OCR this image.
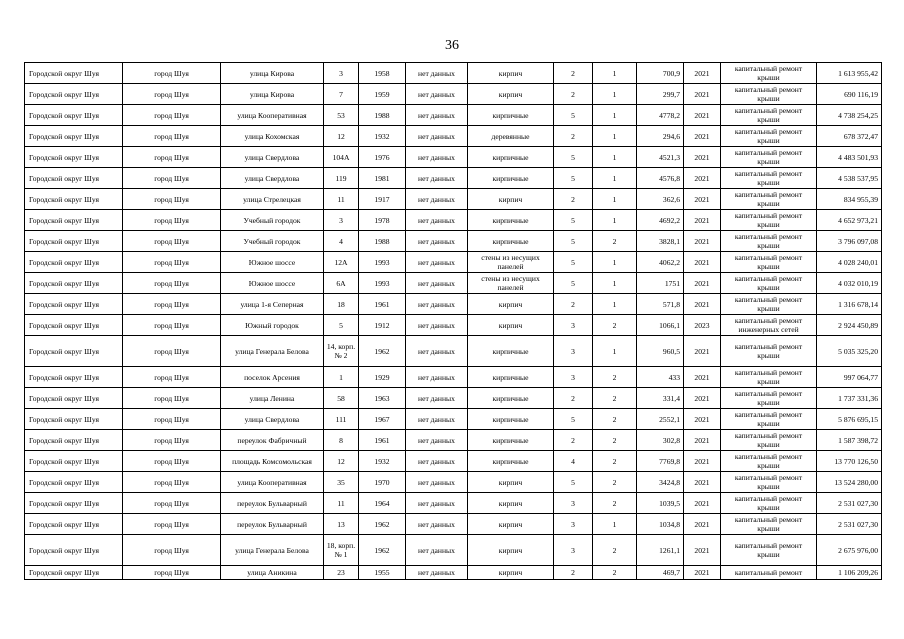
36
Городской округ Шуя	город Шуя	улица Кирова	3	1958	нет данных	кирпич	2	1	700,9	2021	капитальный ремонт крыши	1 613 955,42
Городской округ Шуя	город Шуя	улица Кирова	7	1959	нет данных	кирпич	2	1	299,7	2021	капитальный ремонт крыши	690 116,19
Городской округ Шуя	город Шуя	улица Кооперативная	53	1988	нет данных	кирпичные	5	1	4778,2	2021	капитальный ремонт крыши	4 738 254,25
Городской округ Шуя	город Шуя	улица Кохомская	12	1932	нет данных	деревянные	2	1	294,6	2021	капитальный ремонт крыши	678 372,47
Городской округ Шуя	город Шуя	улица Свердлова	104А	1976	нет данных	кирпичные	5	1	4521,3	2021	капитальный ремонт крыши	4 483 501,93
Городской округ Шуя	город Шуя	улица Свердлова	119	1981	нет данных	кирпичные	5	1	4576,8	2021	капитальный ремонт крыши	4 538 537,95
Городской округ Шуя	город Шуя	улица Стрелецкая	11	1917	нет данных	кирпич	2	1	362,6	2021	капитальный ремонт крыши	834 955,39
Городской округ Шуя	город Шуя	Учебный городок	3	1978	нет данных	кирпичные	5	1	4692,2	2021	капитальный ремонт крыши	4 652 973,21
Городской округ Шуя	город Шуя	Учебный городок	4	1988	нет данных	кирпичные	5	2	3828,1	2021	капитальный ремонт крыши	3 796 097,08
Городской округ Шуя	город Шуя	Южное шоссе	12А	1993	нет данных	стены из несущих панелей	5	1	4062,2	2021	капитальный ремонт крыши	4 028 240,01
Городской округ Шуя	город Шуя	Южное шоссе	6А	1993	нет данных	стены из несущих панелей	5	1	1751	2021	капитальный ремонт крыши	4 032 010,19
Городской округ Шуя	город Шуя	улица 1-я Сеперная	18	1961	нет данных	кирпич	2	1	571,8	2021	капитальный ремонт крыши	1 316 678,14
Городской округ Шуя	город Шуя	Южный городок	5	1912	нет данных	кирпич	3	2	1066,1	2023	капитальный ремонт инженерных сетей	2 924 450,89
Городской округ Шуя	город Шуя	улица Генерала Белова	14, корп. № 2	1962	нет данных	кирпичные	3	1	960,5	2021	капитальный ремонт крыши	5 035 325,20
Городской округ Шуя	город Шуя	поселок Арсения	1	1929	нет данных	кирпичные	3	2	433	2021	капитальный ремонт крыши	997 064,77
Городской округ Шуя	город Шуя	улица Ленина	58	1963	нет данных	кирпичные	2	2	331,4	2021	капитальный ремонт крыши	1 737 331,36
Городской округ Шуя	город Шуя	улица Свердлова	111	1967	нет данных	кирпичные	5	2	2552,1	2021	капитальный ремонт крыши	5 876 695,15
Городской округ Шуя	город Шуя	переулок Фабричный	8	1961	нет данных	кирпичные	2	2	302,8	2021	капитальный ремонт крыши	1 587 398,72
Городской округ Шуя	город Шуя	площадь Комсомольская	12	1932	нет данных	кирпичные	4	2	7769,8	2021	капитальный ремонт крыши	13 770 126,50
Городской округ Шуя	город Шуя	улица Кооперативная	35	1970	нет данных	кирпич	5	2	3424,8	2021	капитальный ремонт крыши	13 524 280,00
Городской округ Шуя	город Шуя	переулок Бульварный	11	1964	нет данных	кирпич	3	2	1039,5	2021	капитальный ремонт крыши	2 531 027,30
Городской округ Шуя	город Шуя	переулок Бульварный	13	1962	нет данных	кирпич	3	1	1034,8	2021	капитальный ремонт крыши	2 531 027,30
Городской округ Шуя	город Шуя	улица Генерала Белова	18, корп. № 1	1962	нет данных	кирпич	3	2	1261,1	2021	капитальный ремонт крыши	2 675 976,00
Городской округ Шуя	город Шуя	улица Аникина	23	1955	нет данных	кирпич	2	2	469,7	2021	капитальный ремонт	1 106 209,26
